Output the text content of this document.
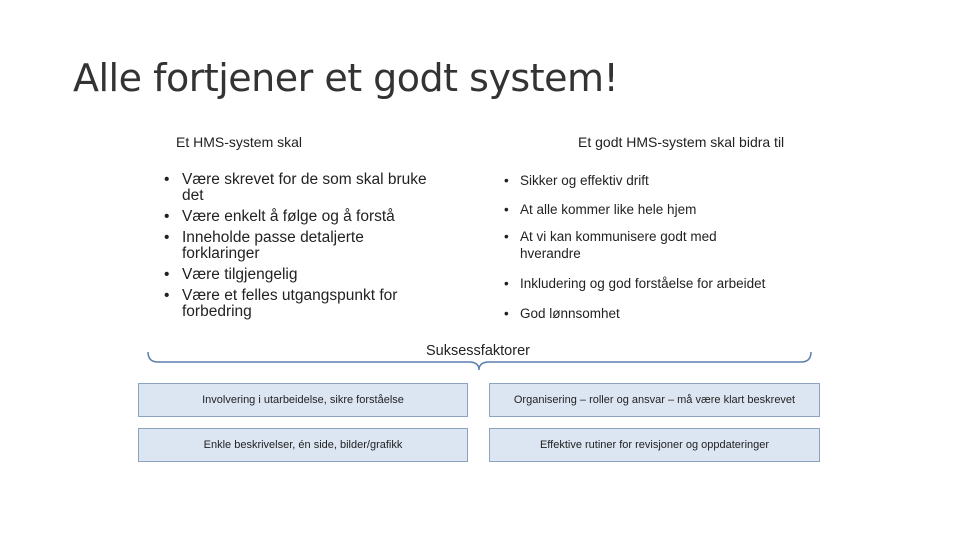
Alle fortjener et godt system!
Et HMS-system skal	Et godt HMS-system skal bidra til
• Være skrevet for de som skal bruke det
• Være enkelt å følge og å forstå
• Inneholde passe detaljerte forklaringer
• Være tilgjengelig
• Være et felles utgangspunkt for forbedring
• Sikker og effektiv drift
• At alle kommer like hele hjem
• At vi kan kommunisere godt med hverandre
• Inkludering og god forståelse for arbeidet
• God lønnsomhet
Suksessfaktorer
Involvering i utarbeidelse, sikre forståelse	Organisering – roller og ansvar – må være klart beskrevet
Enkle beskrivelser, én side, bilder/grafikk	Effektive rutiner for revisjoner og oppdateringer
